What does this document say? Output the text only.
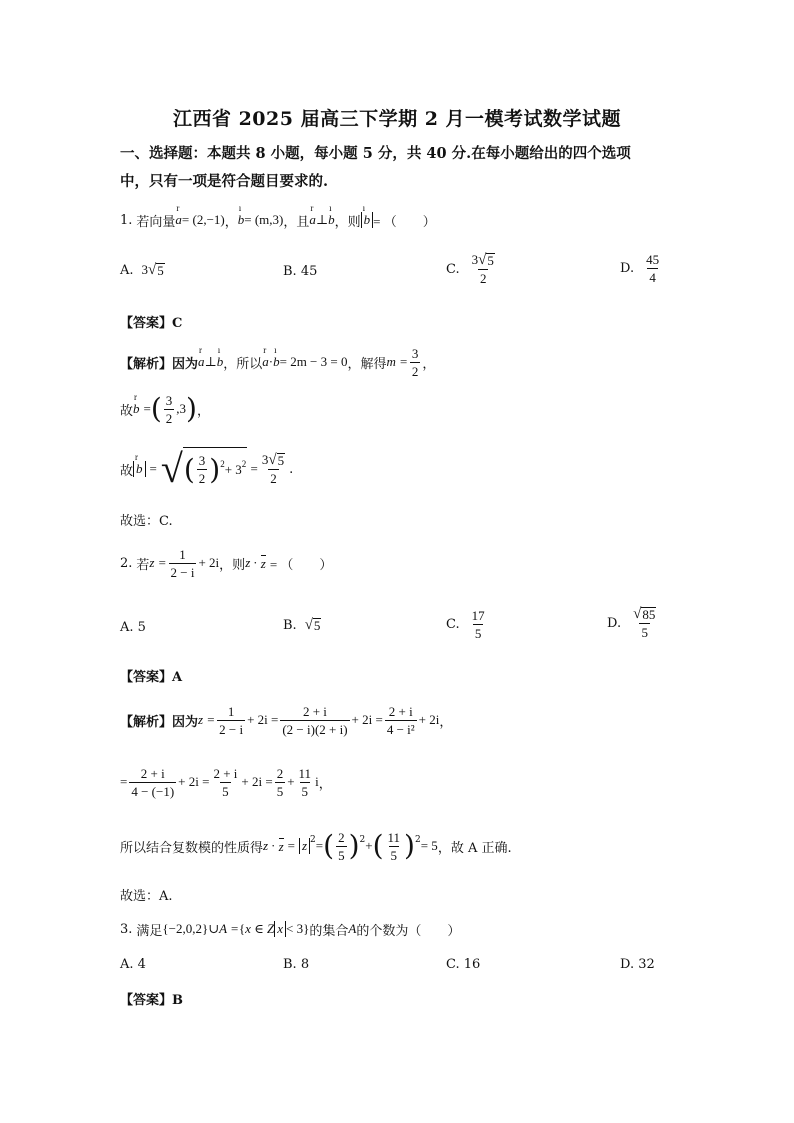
江西省 2025 届高三下学期 2 月一模考试数学试题
一、选择题：本题共 8 小题，每小题 5 分，共 40 分.在每小题给出的四个选项
中，只有一项是符合题目要求的.
1. 若向量 r a = (2,−1) ， ı b = (m,3) ，且 r a ⊥ ı b ，则 ı b = （　　）
A. 3 √ 5	B. 45	C. $\frac{3 √ 5}{2}$	D. $\frac{45}{4}$
【答案】C
【解析】因为 r a ⊥ ı b ，所以 r a · ı b = 2m − 3 = 0 ，解得 $m = \frac{3}{2}$ ，
故 r b = ( $\frac{3}{2} ,3$ ) ，
故 r b = √ ( $\frac{3}{2}$ ) 2 + 3 $2 = \frac{3 √ 5}{2}$ .
故选：C.
2. 若 $z = \frac{1}{2 - i} + 2i$ ，则 z · z = （　　）
A. 5	B. √ 5	C. $\frac{17}{5}$	D. $\frac{√ 85}{5}$
【答案】A
【解析】因为 $z = \frac{1}{2 - i} + 2i = \frac{2 + i}{(2 - i)(2 + i)} + 2i = \frac{2 + i}{\text{4 − i²}} + 2i$ ，
= $\frac{2 + i}{4 - (-1)} + 2i = \frac{2 + i}{5} + 2i = \frac{2}{5} + \frac{11}{5}$ i ，
所以结合复数模的性质得 z · z = z 2 = ( $\frac{2}{5}$ ) 2 + ( $\frac{11}{5}$ ) 2 = 5 ，故 A 正确.
故选：A.
3. 满足 {−2,0,2} ∪ A = { x ∈ Z x < 3 } 的集合 A 的个数为（　　）
A. 4	B. 8	C. 16	D. 32
【答案】B
